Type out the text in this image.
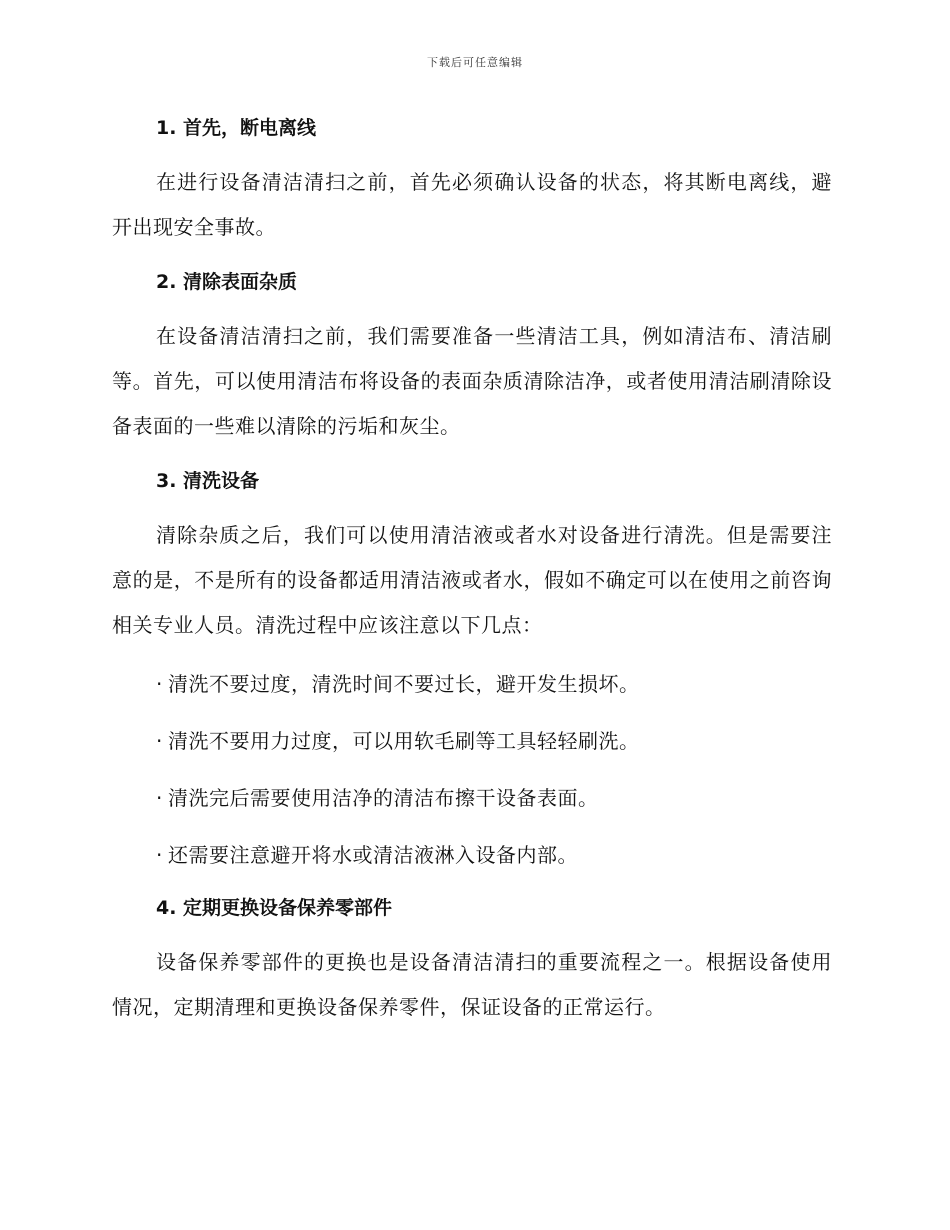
下载后可任意编辑
1. 首先，断电离线

在进行设备清洁清扫之前，首先必须确认设备的状态，将其断电离线，避开出现安全事故。

2. 清除表面杂质

在设备清洁清扫之前，我们需要准备一些清洁工具，例如清洁布、清洁刷等。首先，可以使用清洁布将设备的表面杂质清除洁净，或者使用清洁刷清除设备表面的一些难以清除的污垢和灰尘。

3. 清洗设备

清除杂质之后，我们可以使用清洁液或者水对设备进行清洗。但是需要注意的是，不是所有的设备都适用清洁液或者水，假如不确定可以在使用之前咨询相关专业人员。清洗过程中应该注意以下几点：

· 清洗不要过度，清洗时间不要过长，避开发生损坏。
· 清洗不要用力过度，可以用软毛刷等工具轻轻刷洗。
· 清洗完后需要使用洁净的清洁布擦干设备表面。
· 还需要注意避开将水或清洁液淋入设备内部。
4. 定期更换设备保养零部件

设备保养零部件的更换也是设备清洁清扫的重要流程之一。根据设备使用情况，定期清理和更换设备保养零件，保证设备的正常运行。
